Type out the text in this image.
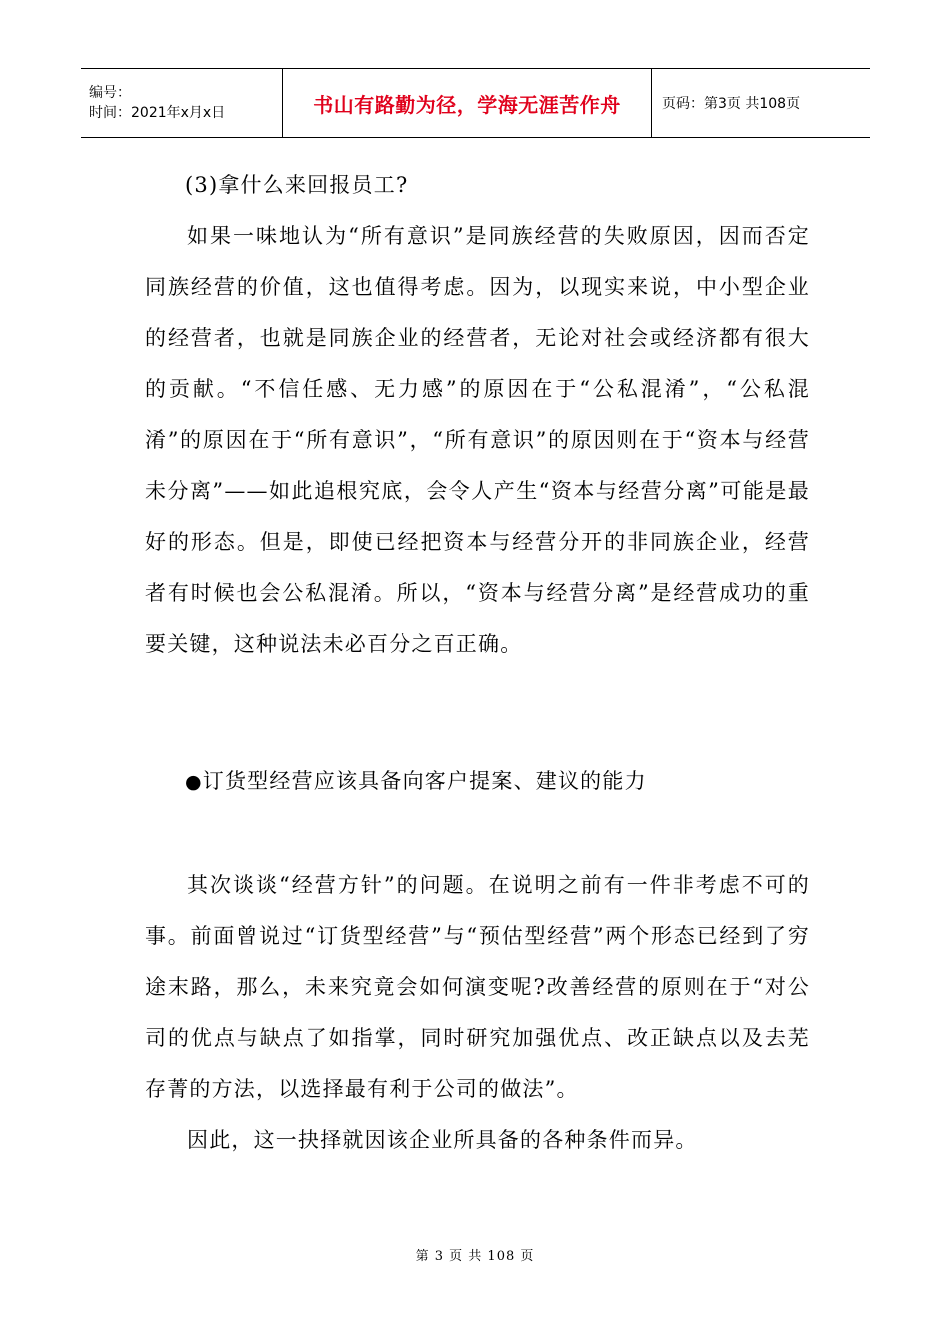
编号：
时间：2021年x月x日	书山有路勤为径，学海无涯苦作舟	页码：第3页 共108页

(3)拿什么来回报员工?

如果一味地认为“所有意识”是同族经营的失败原因，因而否定同族经营的价值，这也值得考虑。因为，以现实来说，中小型企业的经营者，也就是同族企业的经营者，无论对社会或经济都有很大的贡献。“不信任感、无力感”的原因在于“公私混淆”，“公私混淆”的原因在于“所有意识”，“所有意识”的原因则在于“资本与经营未分离”——如此追根究底，会令人产生“资本与经营分离”可能是最好的形态。但是，即使已经把资本与经营分开的非同族企业，经营者有时候也会公私混淆。所以，“资本与经营分离”是经营成功的重要关键，这种说法未必百分之百正确。

●订货型经营应该具备向客户提案、建议的能力

其次谈谈“经营方针”的问题。在说明之前有一件非考虑不可的事。前面曾说过“订货型经营”与“预估型经营”两个形态已经到了穷途末路，那么，未来究竟会如何演变呢?改善经营的原则在于“对公司的优点与缺点了如指掌，同时研究加强优点、改正缺点以及去芜存菁的方法，以选择最有利于公司的做法”。

因此，这一抉择就因该企业所具备的各种条件而异。

第 3 页 共 108 页
